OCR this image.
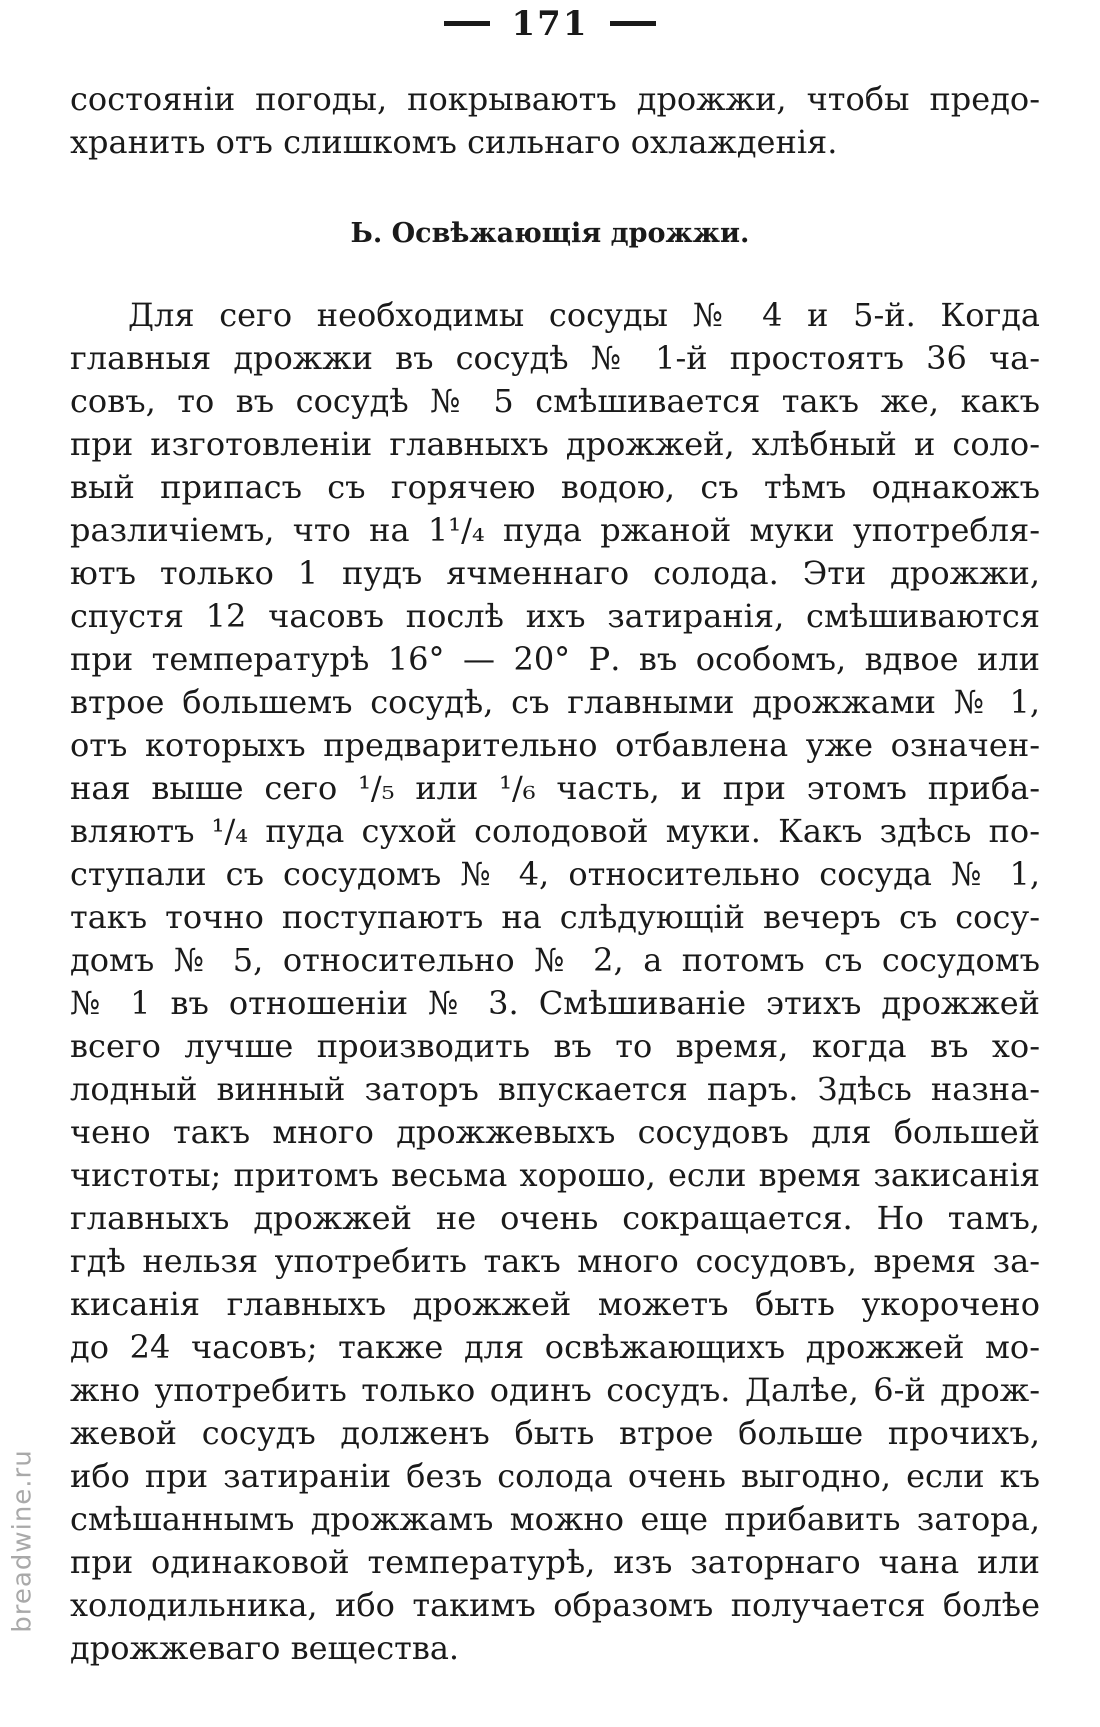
171
состоянiи погоды, покрываютъ дрожжи, чтобы предо-
хранить отъ слишкомъ сильнаго охлажденiя.
Ь. Освѣжающiя дрожжи.
Для сего необходимы сосуды № 4 и 5-й. Когда
главныя дрожжи въ сосудѣ № 1-й простоятъ 36 ча-
совъ, то въ сосудѣ № 5 смѣшивается такъ же, какъ
при изготовленiи главныхъ дрожжей, хлѣбный и соло-
вый припасъ съ горячею водою, съ тѣмъ однакожъ
различiемъ, что на 1¹/₄ пуда ржаной муки употребля-
ютъ только 1 пудъ ячменнаго солода. Эти дрожжи,
спустя 12 часовъ послѣ ихъ затиранiя, смѣшиваются
при температурѣ 16° — 20° Р. въ особомъ, вдвое или
втрое большемъ сосудѣ, съ главными дрожжами № 1,
отъ которыхъ предварительно отбавлена уже означен-
ная выше сего ¹/₅ или ¹/₆ часть, и при этомъ приба-
вляютъ ¹/₄ пуда сухой солодовой муки. Какъ здѣсь по-
ступали съ сосудомъ № 4, относительно сосуда № 1,
такъ точно поступаютъ на слѣдующiй вечеръ съ сосу-
домъ № 5, относительно № 2, а потомъ съ сосудомъ
№ 1 въ отношенiи № 3. Смѣшиванiе этихъ дрожжей
всего лучше производить въ то время, когда въ хо-
лодный винный заторъ впускается паръ. Здѣсь назна-
чено такъ много дрожжевыхъ сосудовъ для большей
чистоты; притомъ весьма хорошо, если время закисанiя
главныхъ дрожжей не очень сокращается. Но тамъ,
гдѣ нельзя употребить такъ много сосудовъ, время за-
кисанiя главныхъ дрожжей можетъ быть укорочено
до 24 часовъ; также для освѣжающихъ дрожжей мо-
жно употребить только одинъ сосудъ. Далѣе, 6-й дрож-
жевой сосудъ долженъ быть втрое больше прочихъ,
ибо при затиранiи безъ солода очень выгодно, если къ
смѣшаннымъ дрожжамъ можно еще прибавить затора,
при одинаковой температурѣ, изъ заторнаго чана или
холодильника, ибо такимъ образомъ получается болѣе
дрожжеваго вещества.
breadwine.ru
